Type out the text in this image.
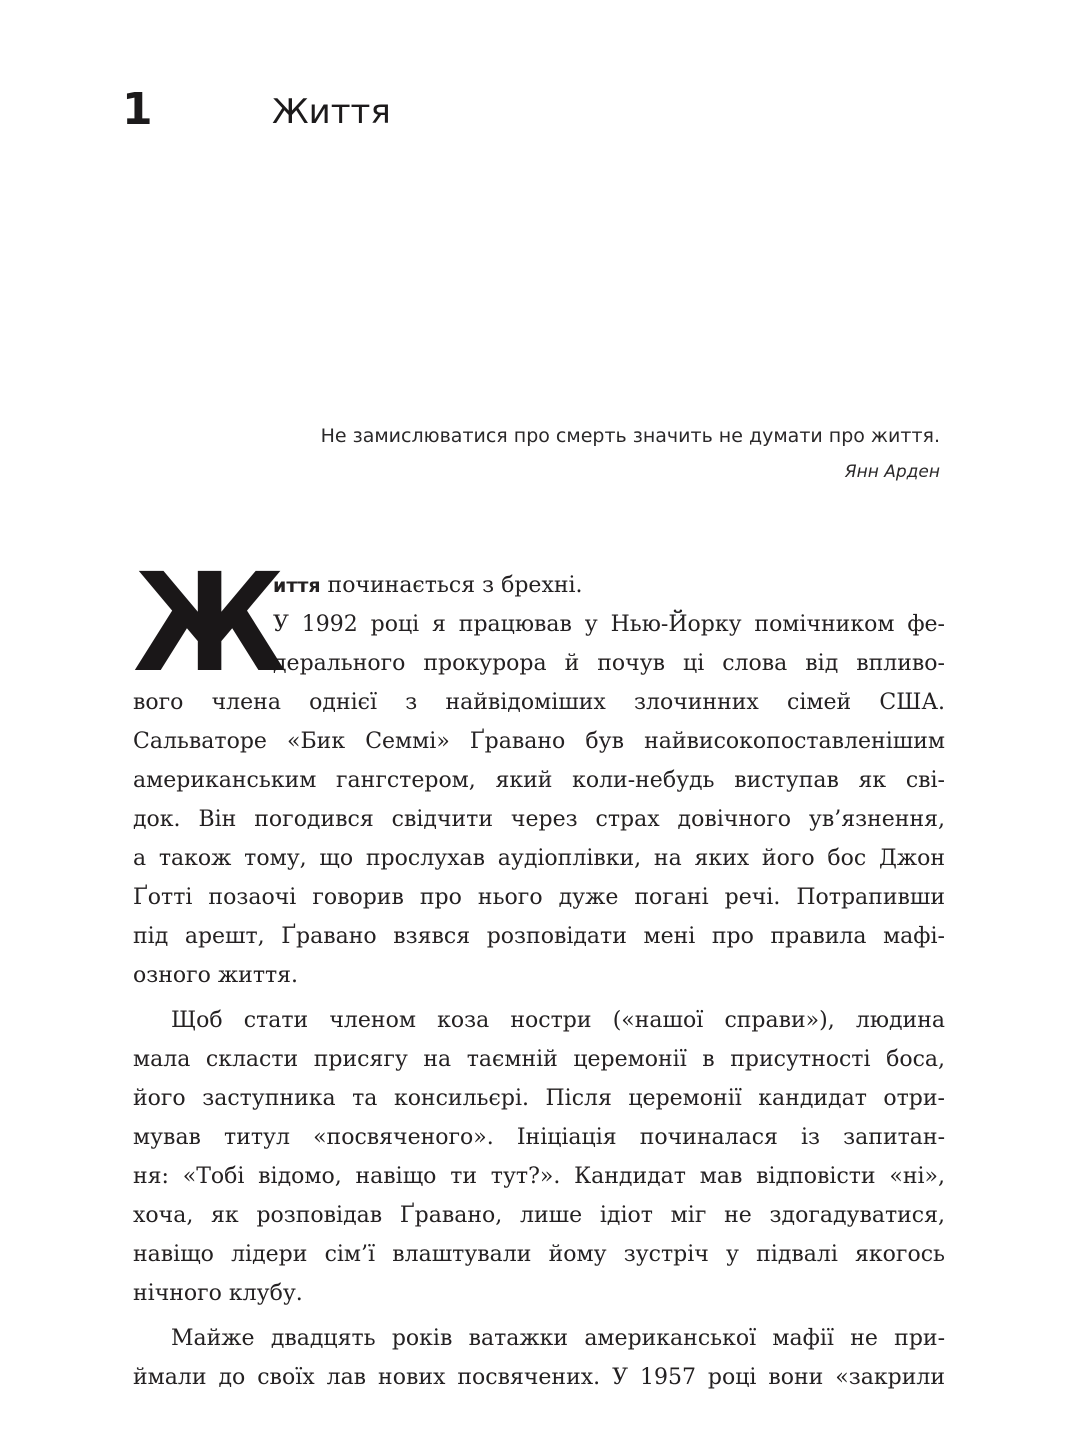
1	Життя
Не замислюватися про смерть значить не думати про життя.
Янн Арден
Ж
иття починається з брехні.
У 1992 році я працював у Нью-Йорку помічником фе-
дерального прокурора й почув ці слова від впливо-
вого члена однієї з найвідоміших злочинних сімей США.
Сальваторе «Бик Семмі» Ґравано був найвисокопоставленішим
американським гангстером, який коли-небудь виступав як сві-
док. Він погодився свідчити через страх довічного ув’язнення,
а також тому, що прослухав аудіоплівки, на яких його бос Джон
Ґотті позаочі говорив про нього дуже погані речі. Потрапивши
під арешт, Ґравано взявся розповідати мені про правила мафі-
озного життя.
Щоб стати членом коза ностри («нашої справи»), людина
мала скласти присягу на таємній церемонії в присутності боса,
його заступника та консильєрі. Після церемонії кандидат отри-
мував титул «посвяченого». Ініціація починалася із запитан-
ня: «Тобі відомо, навіщо ти тут?». Кандидат мав відповісти «ні»,
хоча, як розповідав Ґравано, лише ідіот міг не здогадуватися,
навіщо лідери сім’ї влаштували йому зустріч у підвалі якогось
нічного клубу.
Майже двадцять років ватажки американської мафії не при-
ймали до своїх лав нових посвячених. У 1957 році вони «закрили
